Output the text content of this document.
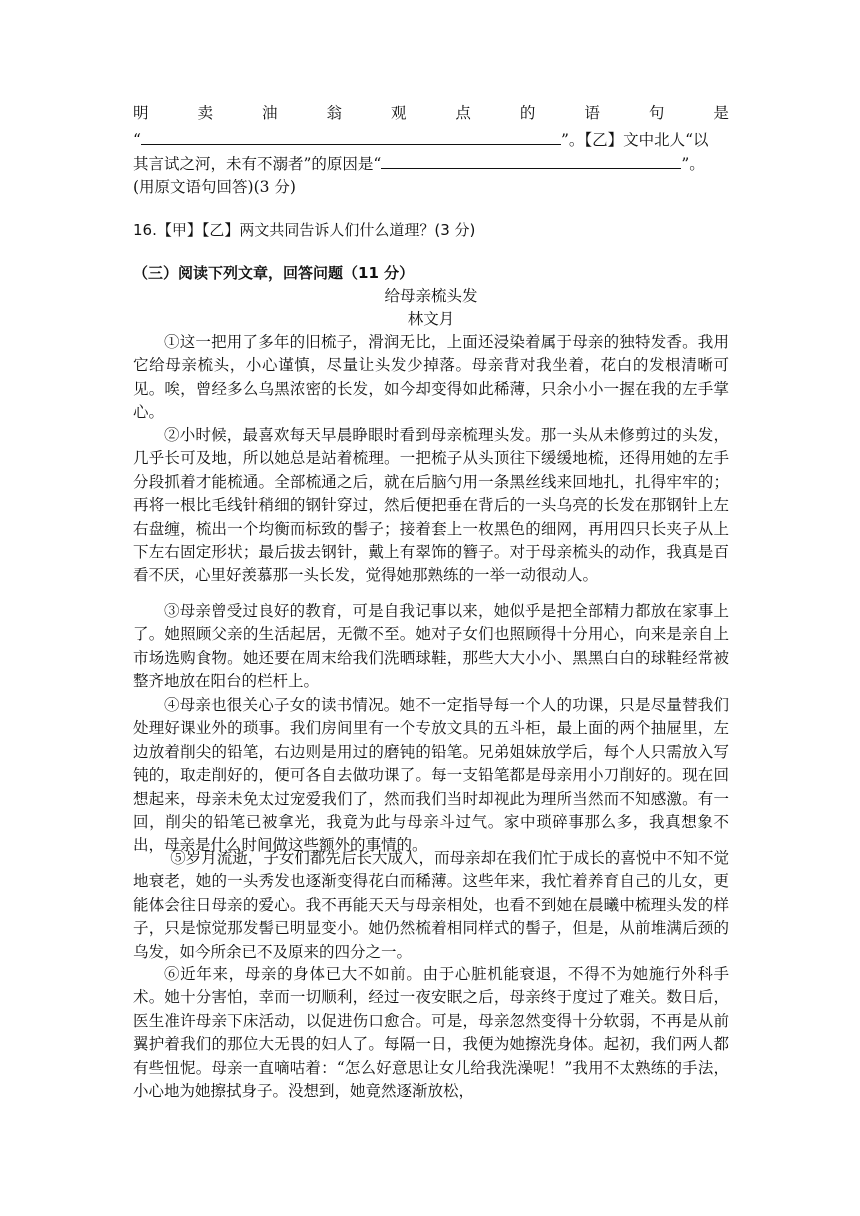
明	卖	油	翁	观	点	的	语	句	是
“	”。【乙】文中北人“以
其言试之河，未有不溺者”的原因是“	”。
(用原文语句回答)(3 分)
16.【甲】【乙】两文共同告诉人们什么道理？(3 分)
（三）阅读下列文章，回答问题（11 分）
给母亲梳头发
林文月
①这一把用了多年的旧梳子，滑润无比，上面还浸染着属于母亲的独特发香。我用它给母亲梳头，小心谨慎，尽量让头发少掉落。母亲背对我坐着，花白的发根清晰可见。唉，曾经多么乌黑浓密的长发，如今却变得如此稀薄，只余小小一握在我的左手掌心。
②小时候，最喜欢每天早晨睁眼时看到母亲梳理头发。那一头从未修剪过的头发，几乎长可及地，所以她总是站着梳理。一把梳子从头顶往下缓缓地梳，还得用她的左手分段抓着才能梳通。全部梳通之后，就在后脑勺用一条黑丝线来回地扎，扎得牢牢的；再将一根比毛线针稍细的钢针穿过，然后便把垂在背后的一头乌亮的长发在那钢针上左右盘缠，梳出一个均衡而标致的髻子；接着套上一枚黑色的细网，再用四只长夹子从上下左右固定形状；最后拔去钢针，戴上有翠饰的簪子。对于母亲梳头的动作，我真是百看不厌，心里好羡慕那一头长发，觉得她那熟练的一举一动很动人。
③母亲曾受过良好的教育，可是自我记事以来，她似乎是把全部精力都放在家事上了。她照顾父亲的生活起居，无微不至。她对子女们也照顾得十分用心，向来是亲自上市场选购食物。她还要在周末给我们洗晒球鞋，那些大大小小、黑黑白白的球鞋经常被整齐地放在阳台的栏杆上。
④母亲也很关心子女的读书情况。她不一定指导每一个人的功课，只是尽量替我们处理好课业外的琐事。我们房间里有一个专放文具的五斗柜，最上面的两个抽屉里，左边放着削尖的铅笔，右边则是用过的磨钝的铅笔。兄弟姐妹放学后，每个人只需放入写钝的，取走削好的，便可各自去做功课了。每一支铅笔都是母亲用小刀削好的。现在回想起来，母亲未免太过宠爱我们了，然而我们当时却视此为理所当然而不知感激。有一回，削尖的铅笔已被拿光，我竟为此与母亲斗过气。家中琐碎事那么多，我真想象不出，母亲是什么时间做这些额外的事情的。
⑤岁月流逝，子女们都先后长大成人，而母亲却在我们忙于成长的喜悦中不知不觉地衰老，她的一头秀发也逐渐变得花白而稀薄。这些年来，我忙着养育自己的儿女，更能体会往日母亲的爱心。我不再能天天与母亲相处，也看不到她在晨曦中梳理头发的样子，只是惊觉那发髻已明显变小。她仍然梳着相同样式的髻子，但是，从前堆满后颈的乌发，如今所余已不及原来的四分之一。
⑥近年来，母亲的身体已大不如前。由于心脏机能衰退，不得不为她施行外科手术。她十分害怕，幸而一切顺利，经过一夜安眠之后，母亲终于度过了难关。数日后，医生准许母亲下床活动，以促进伤口愈合。可是，母亲忽然变得十分软弱，不再是从前翼护着我们的那位大无畏的妇人了。每隔一日，我便为她擦洗身体。起初，我们两人都有些忸怩。母亲一直嘀咕着：“怎么好意思让女儿给我洗澡呢！”我用不太熟练的手法，小心地为她擦拭身子。没想到，她竟然逐渐放松，
